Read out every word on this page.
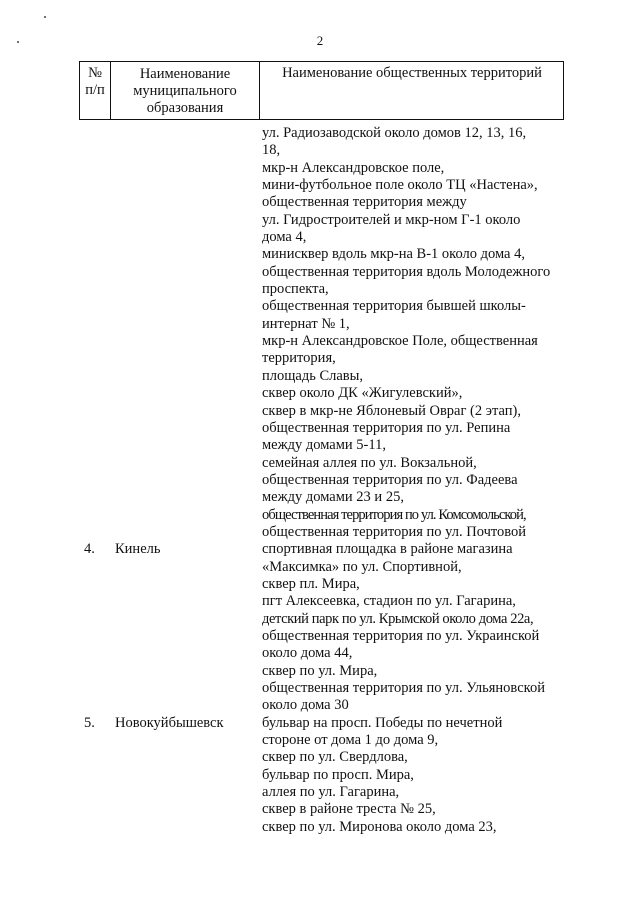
2
№
п/п
Наименование
муниципального
образования
Наименование общественных территорий
ул. Радиозаводской около домов 12, 13, 16,
18,
мкр-н Александровское поле,
мини-футбольное поле около ТЦ «Настена»,
общественная территория между
ул. Гидростроителей и мкр-ном Г-1 около
дома 4,
минисквер вдоль мкр-на В-1 около дома 4,
общественная территория вдоль Молодежного
проспекта,
общественная территория бывшей школы-
интернат № 1,
мкр-н Александровское Поле, общественная
территория,
площадь Славы,
сквер около ДК «Жигулевский»,
сквер в мкр-не Яблоневый Овраг (2 этап),
общественная территория по ул. Репина
между домами 5-11,
семейная аллея по ул. Вокзальной,
общественная территория по ул. Фадеева
между домами 23 и 25,
общественная территория по ул. Комсомольской,
общественная территория по ул. Почтовой
4. Кинель	спортивная площадка в районе магазина
«Максимка» по ул. Спортивной,
сквер пл. Мира,
пгт Алексеевка, стадион по ул. Гагарина,
детский парк по ул. Крымской около дома 22а,
общественная территория по ул. Украинской
около дома 44,
сквер по ул. Мира,
общественная территория по ул. Ульяновской
около дома 30
5. Новокуйбышевск	бульвар на просп. Победы по нечетной
стороне от дома 1 до дома 9,
сквер по ул. Свердлова,
бульвар по просп. Мира,
аллея по ул. Гагарина,
сквер в районе треста № 25,
сквер по ул. Миронова около дома 23,
